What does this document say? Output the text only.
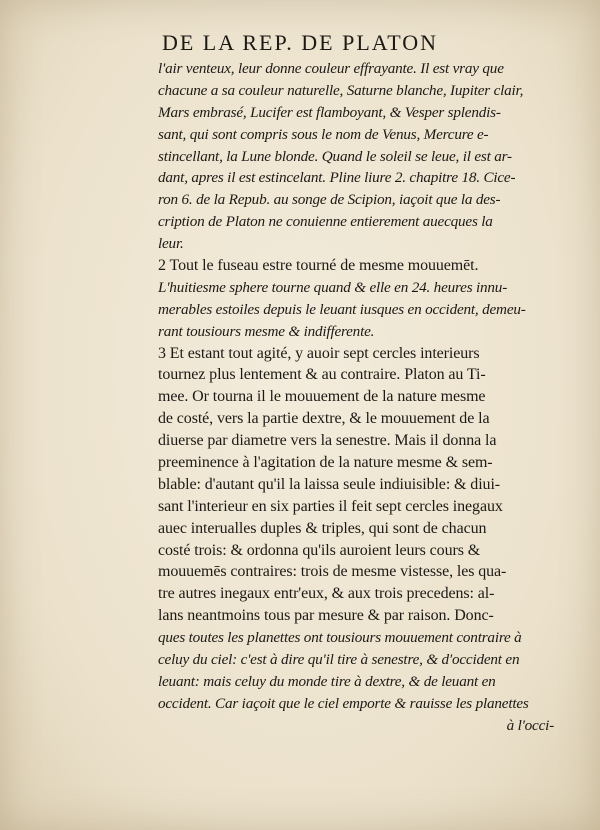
DE LA REP. DE PLATON
l'air venteux, leur donne couleur effrayante. Il est vray que
chacune a sa couleur naturelle, Saturne blanche, Iupiter clair,
Mars embrasé, Lucifer est flamboyant, & Vesper splendis-
sant, qui sont compris sous le nom de Venus, Mercure e-
stincellant, la Lune blonde. Quand le soleil se leue, il est ar-
dant, apres il est estincelant. Pline liure 2. chapitre 18. Cice-
ron 6. de la Repub. au songe de Scipion, iaçoit que la des-
cription de Platon ne conuienne entierement auecques la
leur.
2 Tout le fuseau estre tourné de mesme mouuemēt.
L'huitiesme sphere tourne quand & elle en 24. heures innu-
merables estoiles depuis le leuant iusques en occident, demeu-
rant tousiours mesme & indifferente.
3 Et estant tout agité, y auoir sept cercles interieurs
tournez plus lentement & au contraire. Platon au Ti-
mee. Or tourna il le mouuement de la nature mesme
de costé, vers la partie dextre, & le mouuement de la
diuerse par diametre vers la senestre. Mais il donna la
preeminence à l'agitation de la nature mesme & sem-
blable: d'autant qu'il la laissa seule indiuisible: & diui-
sant l'interieur en six parties il feit sept cercles inegaux
auec interualles duples & triples, qui sont de chacun
costé trois: & ordonna qu'ils auroient leurs cours &
mouuemēs contraires: trois de mesme vistesse, les qua-
tre autres inegaux entr'eux, & aux trois precedens: al-
lans neantmoins tous par mesure & par raison. Donc-
ques toutes les planettes ont tousiours mouuement contraire à
celuy du ciel: c'est à dire qu'il tire à senestre, & d'occident en
leuant: mais celuy du monde tire à dextre, & de leuant en
occident. Car iaçoit que le ciel emporte & rauisse les planettes
à l'occi-
